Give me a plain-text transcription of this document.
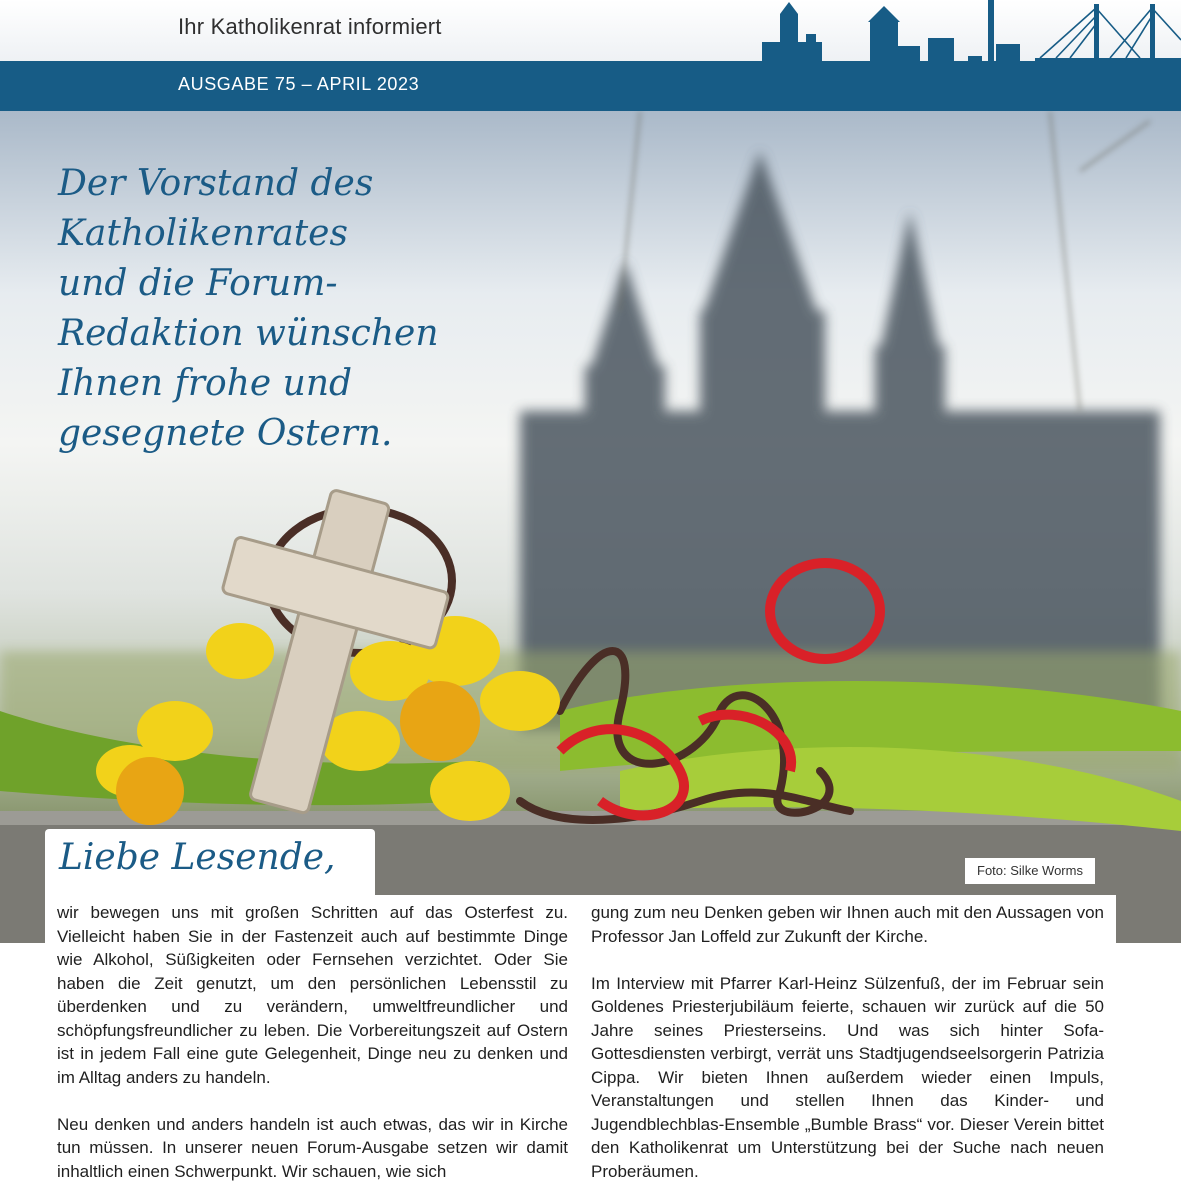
Ihr Katholikenrat informiert
AUSGABE 75 – APRIL 2023
Der Vorstand des
Katholikenrates
und die Forum-
Redaktion wünschen
Ihnen frohe und
gesegnete Ostern.
Foto: Silke Worms
Liebe Lesende,

wir bewegen uns mit großen Schritten auf das Osterfest zu. Vielleicht haben Sie in der Fastenzeit auch auf bestimmte Dinge wie Alkohol, Süßigkeiten oder Fernsehen verzichtet. Oder Sie haben die Zeit genutzt, um den persönlichen Lebensstil zu überdenken und zu verändern, umweltfreundlicher und schöpfungsfreundlicher zu leben. Die Vorbereitungszeit auf Ostern ist in jedem Fall eine gute Gelegenheit, Dinge neu zu denken und im Alltag anders zu handeln.

Neu denken und anders handeln ist auch etwas, das wir in Kirche tun müssen. In unserer neuen Forum-Ausgabe setzen wir damit inhaltlich einen Schwerpunkt. Wir schauen, wie sich

gung zum neu Denken geben wir Ihnen auch mit den Aussagen von Professor Jan Loffeld zur Zukunft der Kirche.

Im Interview mit Pfarrer Karl-Heinz Sülzenfuß, der im Februar sein Goldenes Priesterjubiläum feierte, schauen wir zurück auf die 50 Jahre seines Priesterseins. Und was sich hinter Sofa-Gottesdiensten verbirgt, verrät uns Stadtjugendseelsorgerin Patrizia Cippa. Wir bieten Ihnen außerdem wieder einen Impuls, Veranstaltungen und stellen Ihnen das Kinder- und Jugendblechblas-Ensemble „Bumble Brass“ vor. Dieser Verein bittet den Katholikenrat um Unterstützung bei der Suche nach neuen Proberäumen.
